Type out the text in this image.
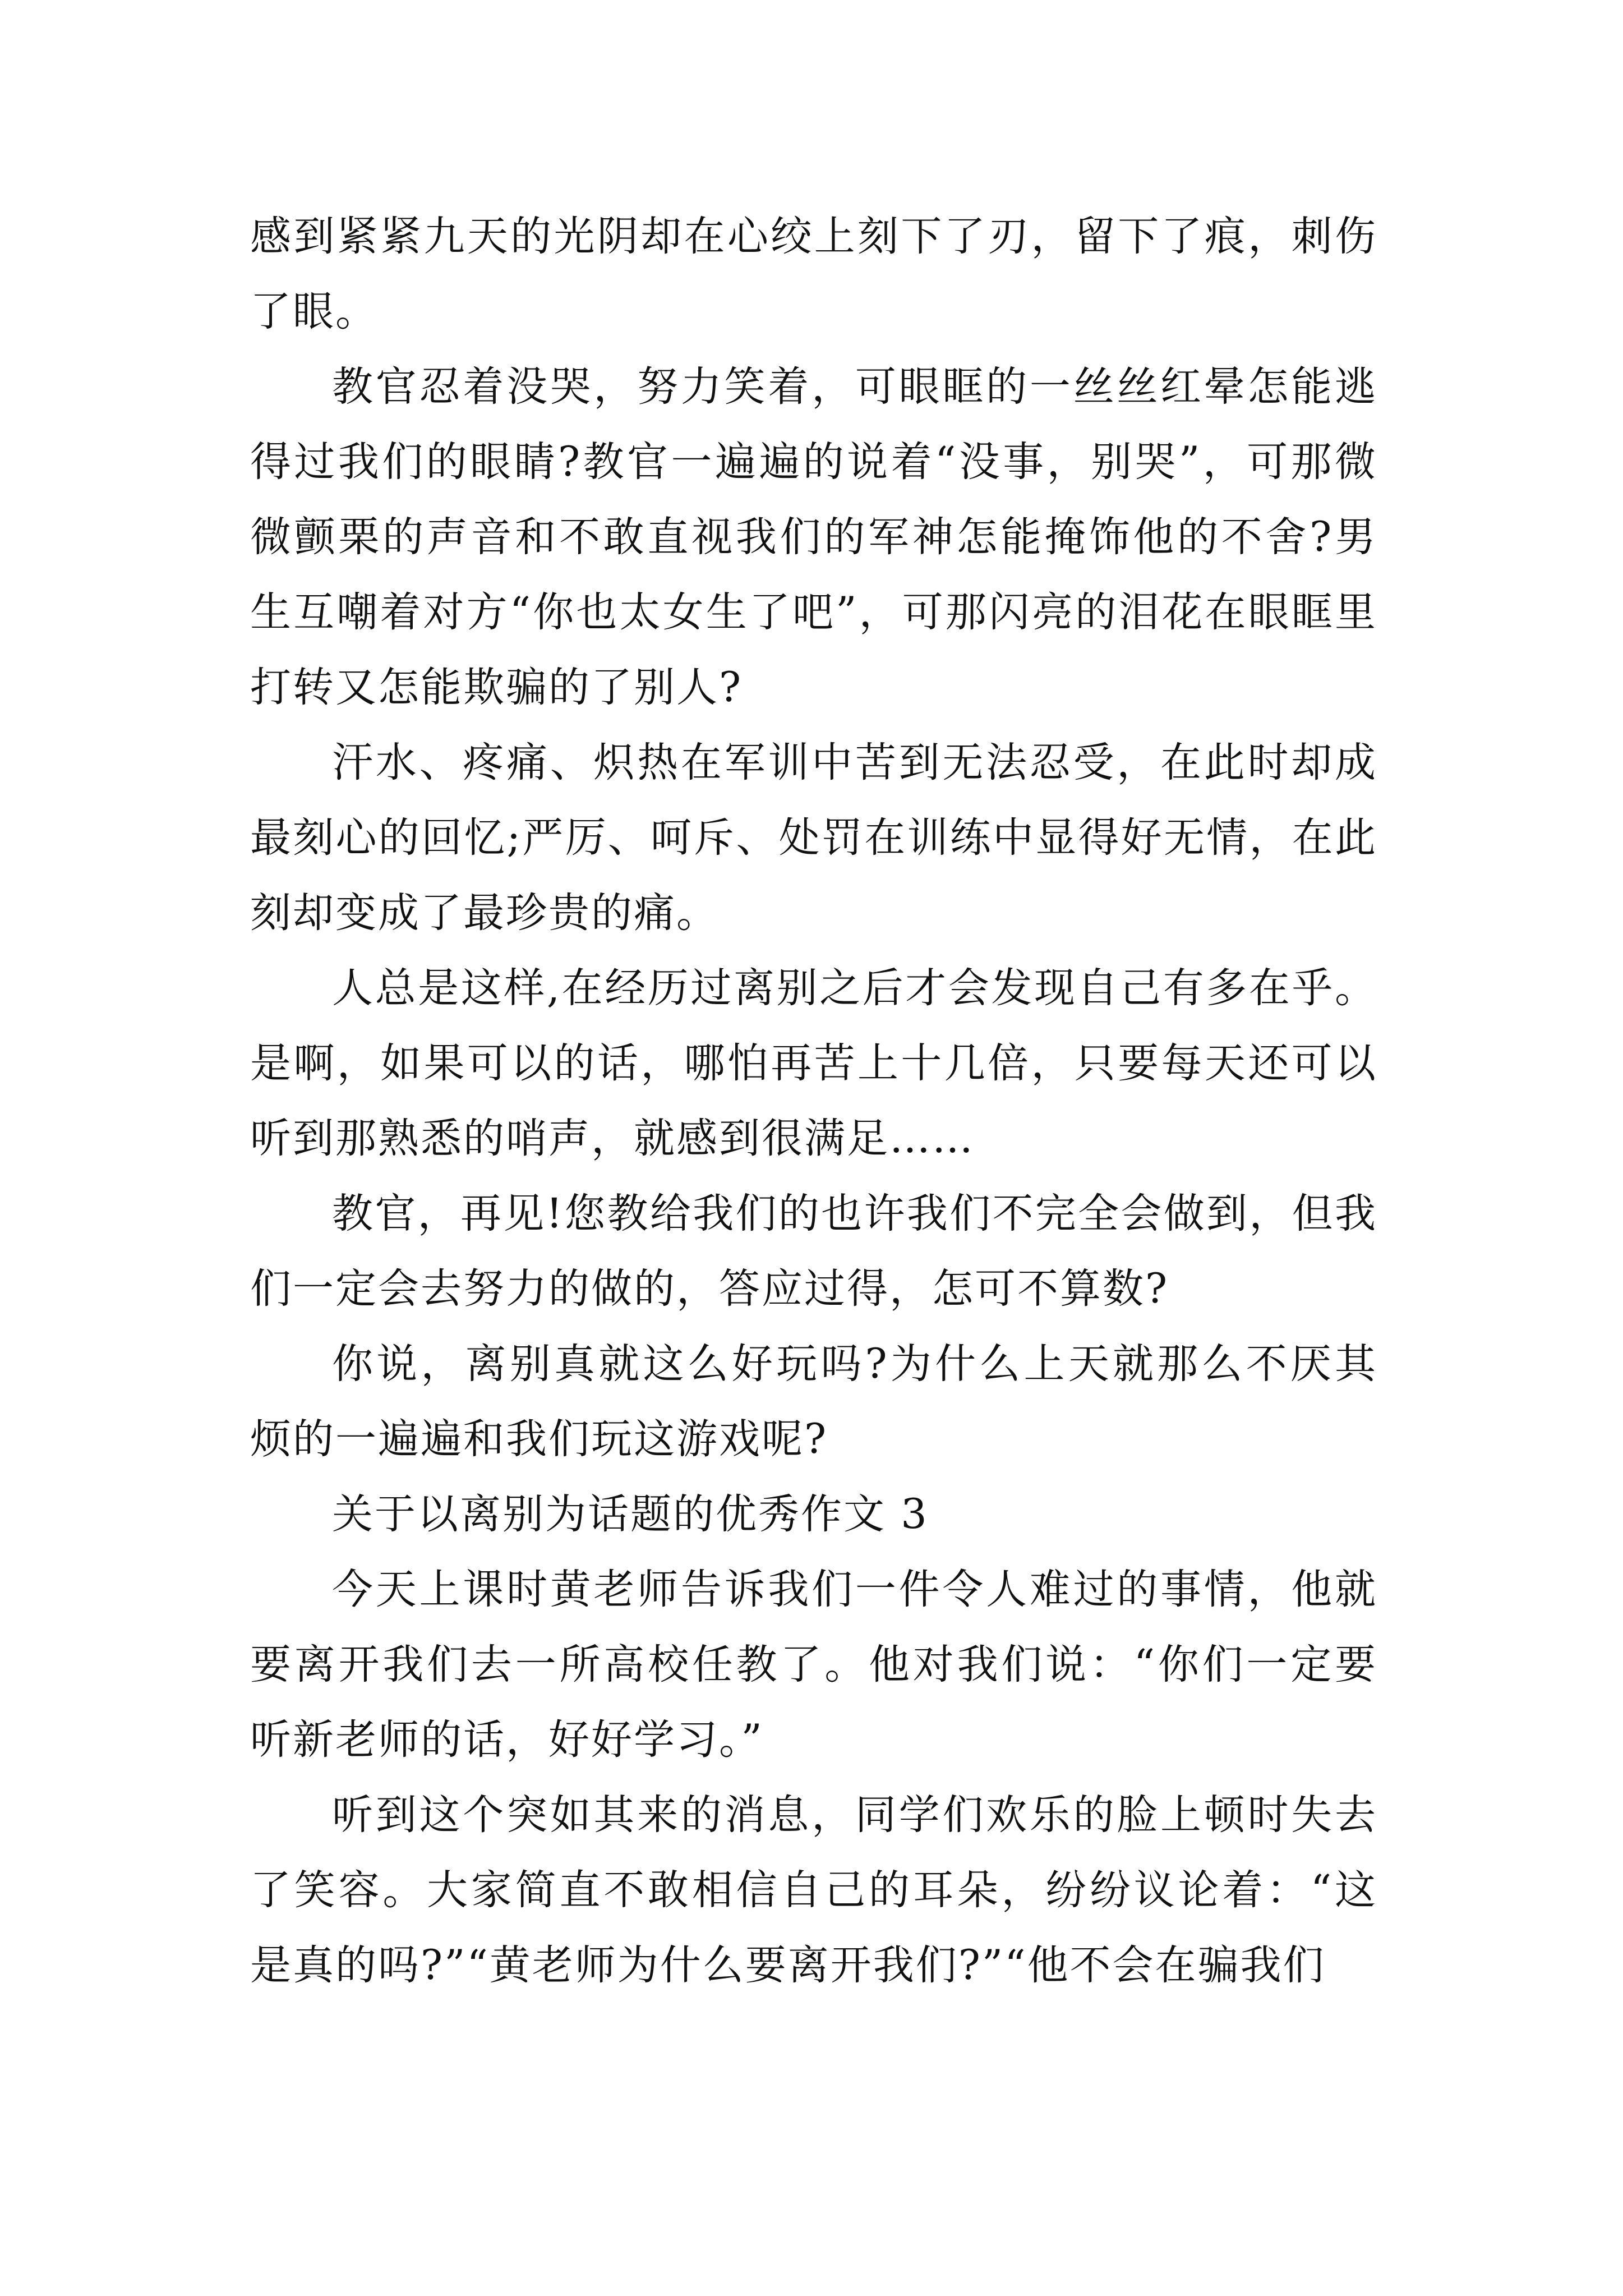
感到紧紧九天的光阴却在心绞上刻下了刃，留下了痕，刺伤了眼。

教官忍着没哭，努力笑着，可眼眶的一丝丝红晕怎能逃得过我们的眼睛?教官一遍遍的说着“没事，别哭”，可那微微颤栗的声音和不敢直视我们的军神怎能掩饰他的不舍?男生互嘲着对方“你也太女生了吧”，可那闪亮的泪花在眼眶里打转又怎能欺骗的了别人?

汗水、疼痛、炽热在军训中苦到无法忍受，在此时却成最刻心的回忆;严厉、呵斥、处罚在训练中显得好无情，在此刻却变成了最珍贵的痛。

人总是这样,在经历过离别之后才会发现自己有多在乎。是啊，如果可以的话，哪怕再苦上十几倍，只要每天还可以听到那熟悉的哨声，就感到很满足……

教官，再见!您教给我们的也许我们不完全会做到，但我们一定会去努力的做的，答应过得，怎可不算数?

你说，离别真就这么好玩吗?为什么上天就那么不厌其烦的一遍遍和我们玩这游戏呢?

关于以离别为话题的优秀作文 3

今天上课时黄老师告诉我们一件令人难过的事情，他就要离开我们去一所高校任教了。他对我们说：“你们一定要听新老师的话，好好学习。”

听到这个突如其来的消息，同学们欢乐的脸上顿时失去了笑容。大家简直不敢相信自己的耳朵，纷纷议论着：“这是真的吗?”“黄老师为什么要离开我们?”“他不会在骗我们
